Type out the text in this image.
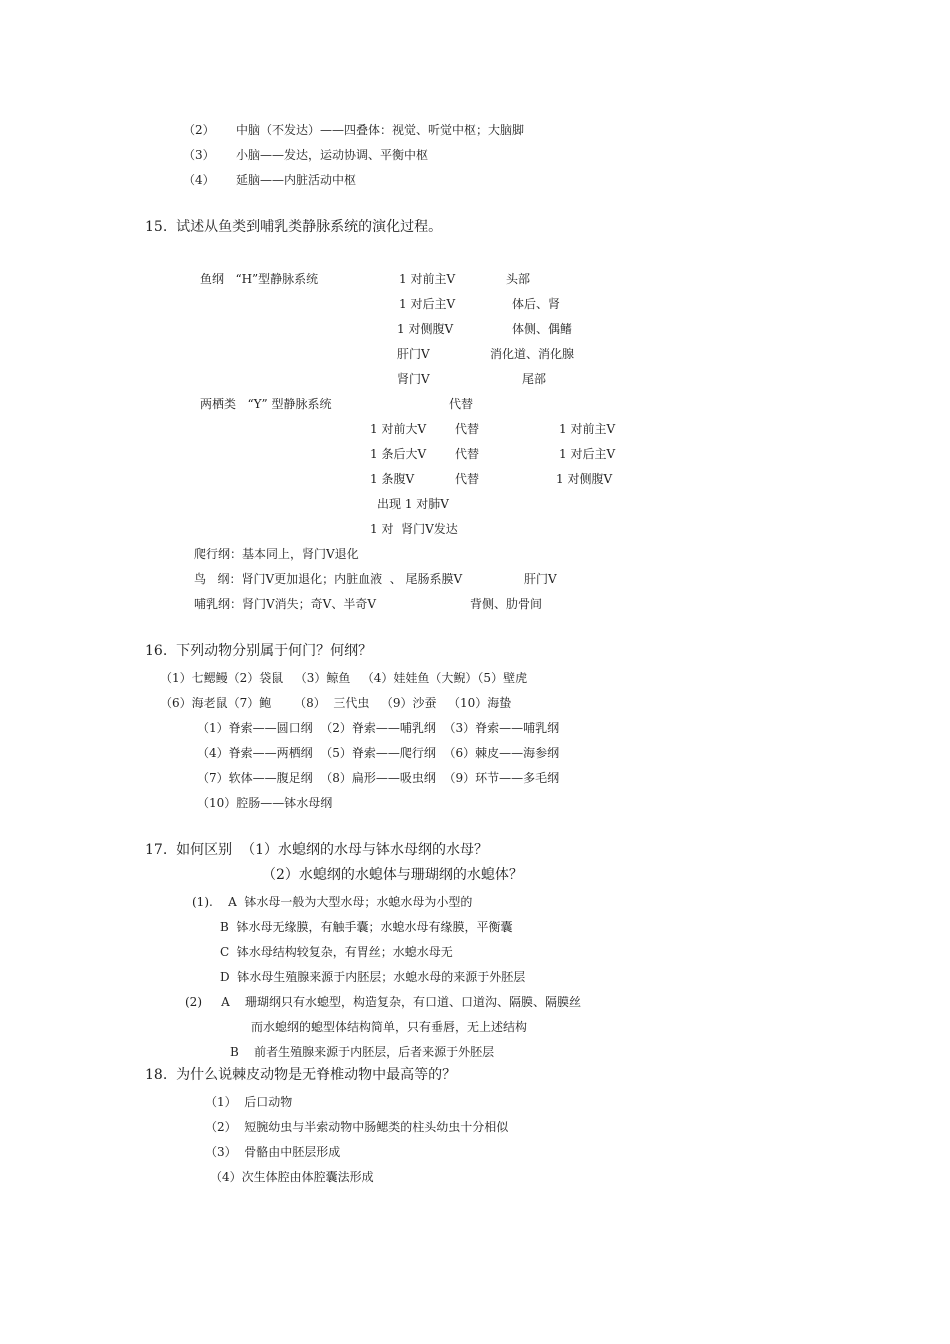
（2） 中脑（不发达）——四叠体：视觉、听觉中枢；大脑脚
（3） 小脑——发达，运动协调、平衡中枢
（4） 延脑——内脏活动中枢
15.  试述从鱼类到哺乳类静脉系统的演化过程。
鱼纲   “H”型静脉系统	1 对前主Ⅴ	头部
1 对后主Ⅴ	体后、肾
1 对侧腹Ⅴ	体侧、偶鳍
肝门Ⅴ	消化道、消化腺
肾门Ⅴ	尾部
两栖类   “Y” 型静脉系统	代替
1 对前大Ⅴ 代替	1 对前主Ⅴ
1 条后大Ⅴ 代替	1 对后主Ⅴ
1 条腹Ⅴ	代替	1 对侧腹Ⅴ
出现 1 对肺Ⅴ
1 对  肾门Ⅴ发达
爬行纲：基本同上，肾门Ⅴ退化
鸟   纲：肾门Ⅴ更加退化；内脏血液  、 尾肠系膜Ⅴ	肝门Ⅴ
哺乳纲：肾门Ⅴ消失；奇Ⅴ、半奇Ⅴ	背侧、肋骨间
16.  下列动物分别属于何门？何纲？
（1）七鳃鳗（2）袋鼠   （3）鲸鱼   （4）娃娃鱼（大鲵）（5）壁虎
（6）海老鼠（7）鲍      （8）  三代虫   （9）沙蚕   （10）海蛰
（1）脊索——圆口纲  （2）脊索——哺乳纲  （3）脊索——哺乳纲
（4）脊索——两栖纲  （5）脊索——爬行纲  （6）棘皮——海参纲
（7）软体——腹足纲  （8）扁形——吸虫纲  （9）环节——多毛纲
（10）腔肠——钵水母纲
17.  如何区别  （1）水螅纲的水母与钵水母纲的水母？
（2）水螅纲的水螅体与珊瑚纲的水螅体？
(1).    A  钵水母一般为大型水母；水螅水母为小型的
B  钵水母无缘膜，有触手囊；水螅水母有缘膜，平衡囊
C  钵水母结构较复杂，有胃丝；水螅水母无
D  钵水母生殖腺来源于内胚层；水螅水母的来源于外胚层
(2)     A    珊瑚纲只有水螅型，构造复杂，有口道、口道沟、隔膜、隔膜丝
而水螅纲的螅型体结构简单，只有垂唇，无上述结构
B    前者生殖腺来源于内胚层，后者来源于外胚层
18.  为什么说棘皮动物是无脊椎动物中最高等的？
（1）  后口动物
（2）  短腕幼虫与半索动物中肠鳃类的柱头幼虫十分相似
（3）  骨骼由中胚层形成
（4）次生体腔由体腔囊法形成
